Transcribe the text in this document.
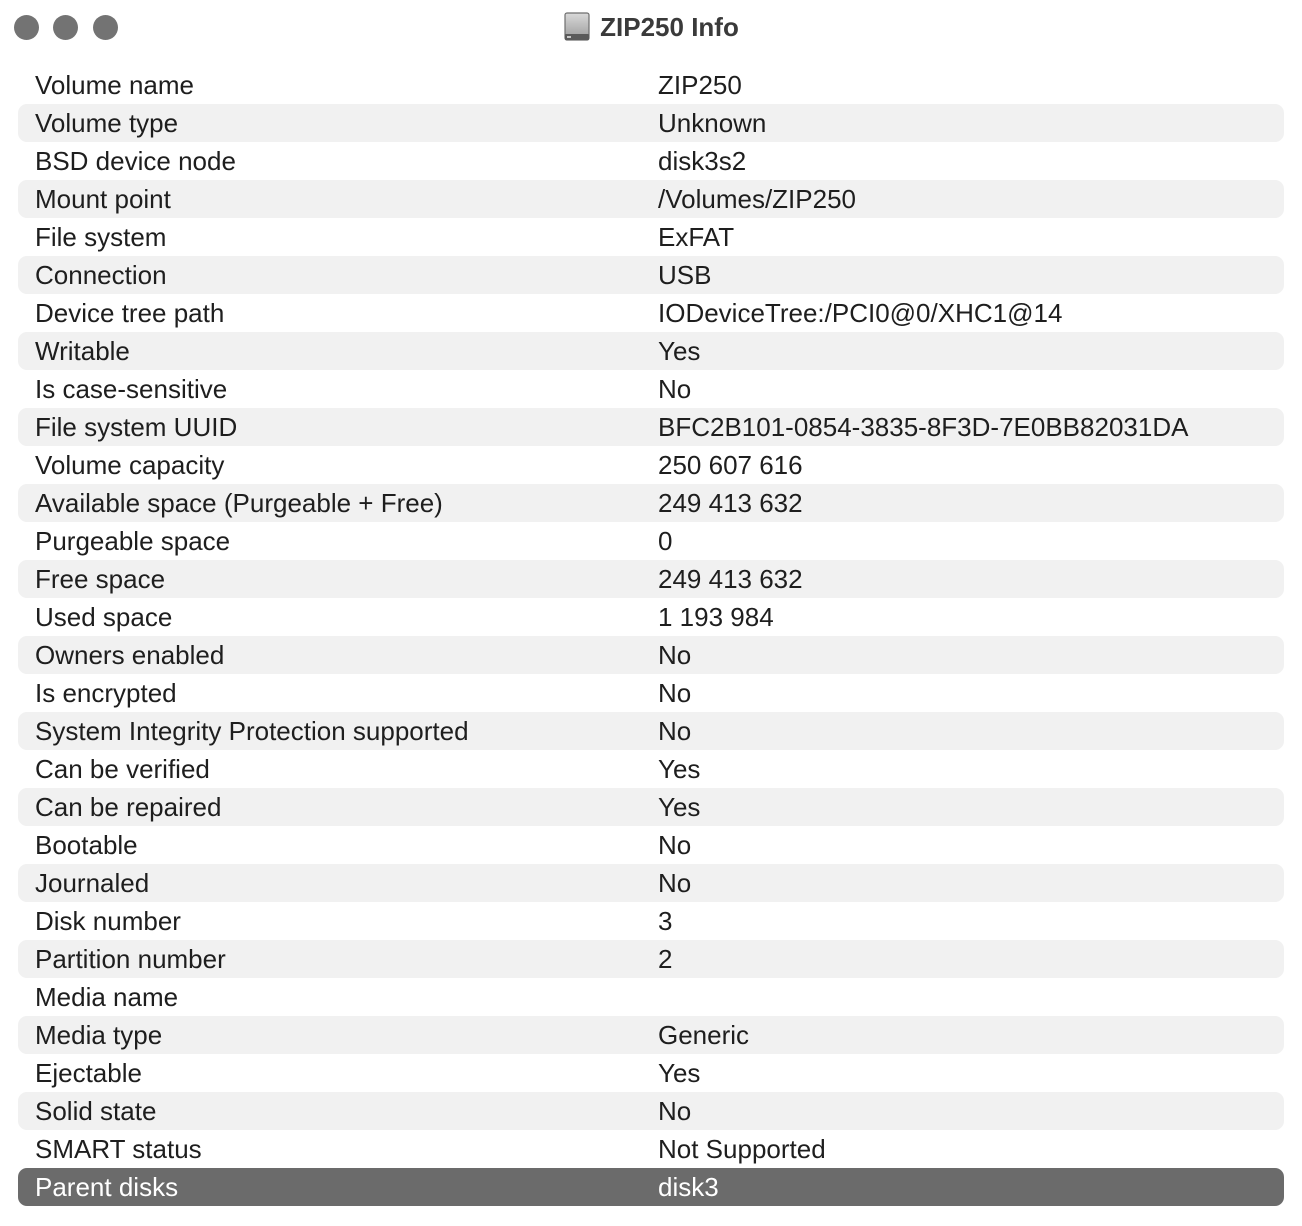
ZIP250 Info
Volume name	ZIP250
Volume type	Unknown
BSD device node	disk3s2
Mount point	/Volumes/ZIP250
File system	ExFAT
Connection	USB
Device tree path	IODeviceTree:/PCI0@0/XHC1@14
Writable	Yes
Is case-sensitive	No
File system UUID	BFC2B101-0854-3835-8F3D-7E0BB82031DA
Volume capacity	250 607 616
Available space (Purgeable + Free)	249 413 632
Purgeable space	0
Free space	249 413 632
Used space	1 193 984
Owners enabled	No
Is encrypted	No
System Integrity Protection supported	No
Can be verified	Yes
Can be repaired	Yes
Bootable	No
Journaled	No
Disk number	3
Partition number	2
Media name
Media type	Generic
Ejectable	Yes
Solid state	No
SMART status	Not Supported
Parent disks	disk3
